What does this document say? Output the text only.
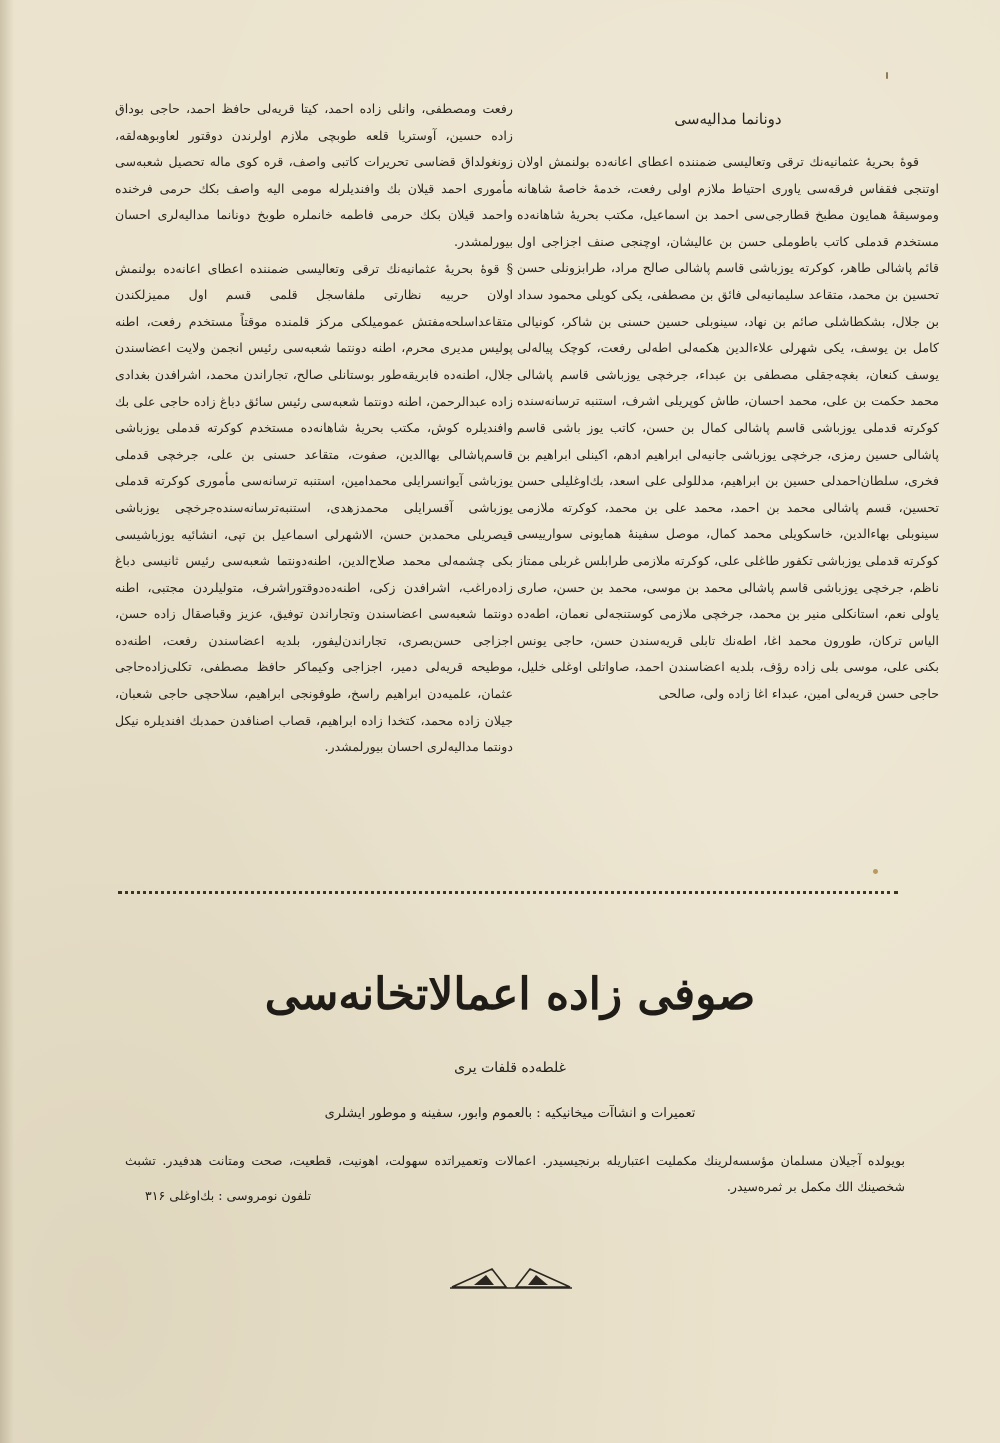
دونانما مدالیه‌سی

قوهٔ بحریهٔ عثمانیه‌نك ترقی وتعالیسی ضمننده اعطای اعانه‌ده بولنمش اولان اوتنجی فقفاس فرقه‌سی یاوری احتیاط ملازم اولی رفعت، خدمهٔ خاصهٔ شاهانه وموسیقهٔ همایون مطبخ قطارجی‌سی احمد بن اسماعیل، مکتب بحریهٔ شاهانه‌ده مستخدم قدملی کاتب باطوملی حسن بن عالیشان، اوچنجی صنف اجزاجی اول قائم پاشالی طاهر، کوکرته یوزباشی قاسم پاشالی صالح مراد، طرابزونلی حسن تحسین بن محمد، متقاعد سلیمانیه‌لی فائق بن مصطفی، یکی کویلی محمود سداد بن جلال، بشکطاشلی صائم بن نهاد، سینوبلی حسین حسنی بن شاکر، کونیالی کامل بن یوسف، یکی شهرلی علاءالدین هکمه‌لی اطه‌لی رفعت، کوچک پیاله‌لی یوسف کنعان، بغچه‌جقلی مصطفی بن عبداء، جرخچی یوزباشی قاسم پاشالی محمد حکمت بن علی، محمد احسان، طاش کوپریلی اشرف، استنبه ترسانه‌سنده کوکرته قدملی یوزباشی قاسم پاشالی کمال بن حسن، کاتب یوز باشی قاسم پاشالی حسین رمزی، جرخچی یوزباشی جانیه‌لی ابراهیم ادهم، اکینلی ابراهیم بن فخری، سلطان‌احمدلی حسین بن ابراهیم، مدللولی علی اسعد، بك‌اوغلیلی حسن تحسین، قسم پاشالی محمد بن احمد، محمد علی بن محمد، کوکرته ملازمی سینوبلی بهاءالدین، خاسکویلی محمد کمال، موصل سفینهٔ همایونی سوارییسی کوکرته قدملی یوزباشی تکفور طاغلی علی، کوکرته ملازمی طرابلس غربلی ممتاز ناظم، جرخچی یوزباشی قاسم پاشالی محمد بن موسی، محمد بن حسن، صاری یاولی نعم، استانکلی منیر بن محمد، جرخچی ملازمی کوستنجه‌لی نعمان، اطه‌ده الیاس ترکان، طورون محمد اغا، اطه‌نك تابلی قریه‌سندن حسن، حاجی یونس بکنی علی، موسی بلی زاده رؤف، بلدیه اعضاسندن احمد، صاواتلی اوغلی خلیل، حاجی حسن قریه‌لی امین، عبداء اغا زاده ولی، صالحی

رفعت ومصطفی، وانلی زاده احمد، کیتا قریه‌لی حافظ احمد، حاجی بوداق زاده حسین، آوستریا قلعه طوبچی ملازم اولرندن دوقتور لعاوبوهه‌لقه، زونغولداق قضاسی تحریرات کاتبی واصف، قره کوی ماله تحصیل شعبه‌سی مأموری احمد قیلان بك وافندیلرله مومی الیه واصف بکك حرمی فرخنده واحمد قیلان بکك حرمی فاطمه خانملره طوبخ دونانما مدالیه‌لری احسان بیورلمشدر.

§ قوهٔ بحریهٔ عثمانیه‌نك ترقی وتعالیسی ضمننده اعطای اعانه‌ده بولنمش اولان حربیه نظارتی ملفاسجل قلمی قسم اول مميزلکندن متقاعداسلحه‌مفتش عمومیلکی مرکز قلمنده موقتاً مستخدم رفعت، اطنه پولیس مدیری محرم، اطنه دونتما شعبه‌سی رئیس انجمن ولایت اعضاسندن جلال، اطنه‌ده فابریقه‌طور بوستانلی صالح، تجاراندن محمد، اشرافدن بغدادی زاده عبدالرحمن، اطنه دونتما شعبه‌سی رئیس سائق دباغ زاده حاجی علی بك وافندیلره کوش، مکتب بحریهٔ شاهانه‌ده مستخدم کوکرته قدملی یوزباشی قاسم‌پاشالی بهاالدین، صفوت، متقاعد حسنی بن علی، جرخچی قدملی یوزباشی آیوانسرایلی محمدامین، استنبه ترسانه‌سی مأموری کوکرته قدملی یوزباشی آقسرایلی محمدزهدی، استنبه‌ترسانه‌سنده‌جرخچی یوزباشی قیصریلی محمدبن حسن، الاشهرلی اسماعیل بن تپی، انشائیه یوزباشیسی بکی چشمه‌لی محمد صلاح‌الدین، اطنه‌دونتما شعبه‌سی رئیس ثانیسی دباغ زاده‌راغب، اشرافدن زکی، اطنه‌ده‌دوقتوراشرف، متولیلردن مجتبی، اطنه دونتما شعبه‌سی اعضاسندن وتجاراندن توفیق، عزیز وقباصقال زاده حسن، اجزاجی حسن‌بصری، تجاراندن‌لیفور، بلدیه اعضاسندن رفعت، اطنه‌ده موطیحه قریه‌لی دمیر، اجزاجی وکیماکر حافظ مصطفی، تکلی‌زاده‌حاجی عثمان، علمیه‌دن ابراهیم راسخ، طوفونجی ابراهیم، سلاحچی حاجی شعبان، جیلان زاده محمد، کتخدا زاده ابراهیم، قصاب اصنافدن حمدبك افندیلره نیکل دونتما مداليه‌لری احسان بیورلمشدر.

صوفی زاده اعمالاتخانه‌سی
غلطه‌ده قلفات یری
تعمیرات و انشاآت میخانیکیه : بالعموم وابور، سفینه و موطور ایشلری
بویولده آجیلان مسلمان مؤسسه‌لرینك مکملیت اعتباریله برنجیسیدر. اعمالات وتعمیراتده سهولت، اهونیت، قطعیت، صحت ومتانت هدفیدر. تشبث شخصینك الك مکمل بر ثمره‌سیدر.
تلفون نومروسی : بك‌اوغلی ۳۱۶
